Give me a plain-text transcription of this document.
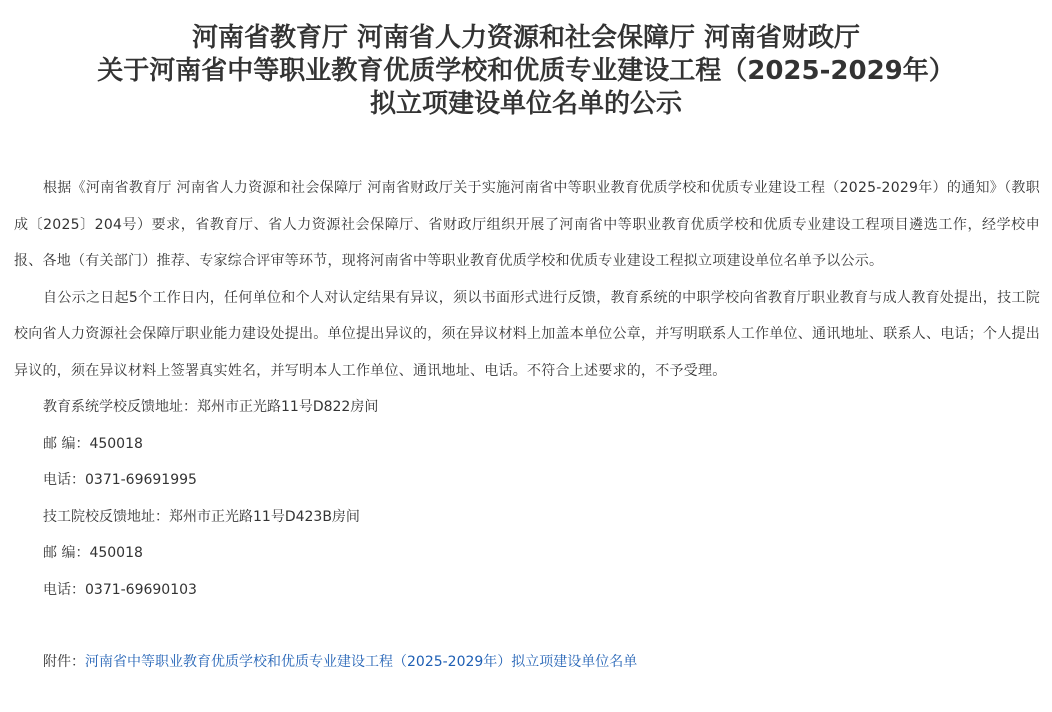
河南省教育厅 河南省人力资源和社会保障厅 河南省财政厅
关于河南省中等职业教育优质学校和优质专业建设工程（2025-2029年）
拟立项建设单位名单的公示

根据《河南省教育厅 河南省人力资源和社会保障厅 河南省财政厅关于实施河南省中等职业教育优质学校和优质专业建设工程（2025-2029年）的通知》（教职成〔2025〕204号）要求，省教育厅、省人力资源社会保障厅、省财政厅组织开展了河南省中等职业教育优质学校和优质专业建设工程项目遴选工作，经学校申报、各地（有关部门）推荐、专家综合评审等环节，现将河南省中等职业教育优质学校和优质专业建设工程拟立项建设单位名单予以公示。

自公示之日起5个工作日内，任何单位和个人对认定结果有异议，须以书面形式进行反馈，教育系统的中职学校向省教育厅职业教育与成人教育处提出，技工院校向省人力资源社会保障厅职业能力建设处提出。单位提出异议的，须在异议材料上加盖本单位公章，并写明联系人工作单位、通讯地址、联系人、电话；个人提出异议的，须在异议材料上签署真实姓名，并写明本人工作单位、通讯地址、电话。不符合上述要求的，不予受理。

教育系统学校反馈地址：郑州市正光路11号D822房间

邮 编：450018

电话：0371-69691995

技工院校反馈地址：郑州市正光路11号D423B房间

邮 编：450018

电话：0371-69690103

附件：河南省中等职业教育优质学校和优质专业建设工程（2025-2029年）拟立项建设单位名单
